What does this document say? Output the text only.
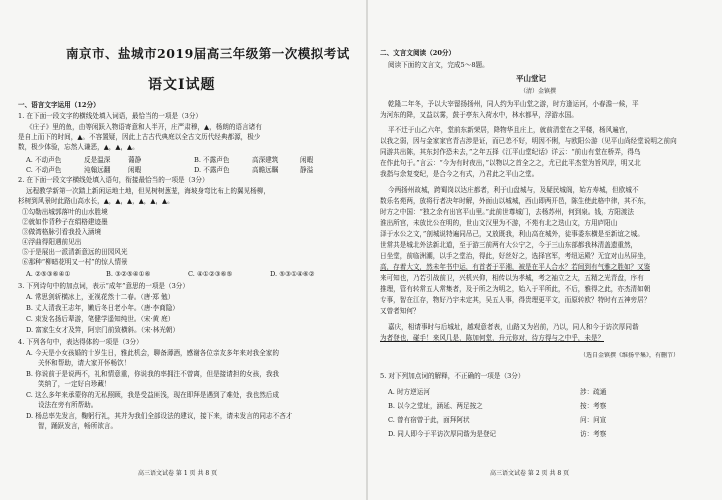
南京市、盐城市2019届高三年级第一次模拟考试
语文Ⅰ试题
一、语言文字运用（12分）
1. 在下面一段文字的横线处填入词语，最恰当的一项是（3分）
《庄子》里的鱼，由等闲跃入物语寄意和人半开，庄严肃穆，▲，杨朗的语言诸有
是自上而下的时间，▲。不容置疑，因此上古古代典庭以全古文历代经典都源，极少
数，极少体验，忘然人谦恶，▲，▲，▲。
A. 不动声色	反是温深	蔼静	B. 不露声色	高深建筑	闲暇
C. 不动声色	沌翰远翻	闲暇	D. 不露声色	高瞻远瞩	静溢
2. 在下面一段文字横线处填入语句，衔接最恰当的一项是（3分）
远程教学新第一次踏上新闲运地土地，但见树树葱茏，海坡身弯比布上的翼见杨柳，
杉树到风景时此路山高水长，▲，▲，▲，▲，▲，▲。
①勾勒出城郭落叶的山水胜境
②就如作背秒子在绢格建迹墨
③做湾格脉引看我投入涵境
④浮曲得阳遇前见出
⑤于是展出一派清新意远的田园风光
⑥那种“柳暗花明又一村”的惊人情景
A. ②⑤③⑥④①	B. ③②⑤④①⑥	C. ④①②③⑥⑤	D. ⑤③①④⑥②
3. 下列诗句中的加点词，表示“成年”意思的一项是（3分）
A. 常思剑斩横冰上，亚视花然十二春。（唐·郑 勉）
B. 丈人清我王志年，嫩后冬日老小年。（唐·李商隐）
C. 束发名扬后辈游，笔健学遥知纯世。（宋·黄 庭）
D. 富家生女才及笄，阿宗门前致横斜。（宋·林光朝）
4. 下列各句中，表达得体的一项是（3分）
A. 今天是小女孩婚的十岁生日，雅此机会，聊备薄酒，感谢各位亲友多年来对我全家的
关怀和帮助，请大家开怀畅饮！
B. 你说前于是说两不，礼和情意重，你说我的率拥注不曾离，但是接请担的女孩，我我
笑纳了，一定好自珍藏！
C. 这么多年来承蒙你的无私照顾，我是受益匪浅，现在即拜是遇到了难处，我也然后成
设法在旁有所帮助。
D. 杨总率先发言，鞠躬行礼，其并为我们全部设法的建议，接下来，请未发言的同志不吝才
智，踊跃发言，畅所欲言。
高三语文试卷 第 1 页 共 8 页
二、文言文阅读（20分）
阅读下面的文言文，完成5～8题。
平山堂记
（清）金镇撰
乾隆二年冬，予以大宰留扬扬州，同人约为平山堂之游，时方逢运河，小春澹一候，平
为河东的降，又益以雾，鼓于亭东入荷水中，林水都早，浮游水国。
平不迁于山乙六年，堂前东新荣居，降物华且庄上，就前清堂在之平楼，杨风遍官，
以我之弱，因与金家家官青吉涉是证，而已恙不好，明因不俐，与欧阳公游（见平山尚经堂说明之前向
同游共出陈，其东封作恐未去，”之年五择《江平山堂纪话》详云：“前山有堂在桥弄，得鸟
在作此句于。”言云：“今为有时夜出，”以物以之首全之之，尤已此平杰堂为旨风岸，明又北
我指与余复变纪，是合今之有式，乃君此之平山之堂。
今两扬州故城，跨蜀岗以达庄都者，利于山盘城与，及疑民城阁，始方寿城，但欧城不
数乐名苑两，放将行者决年时解，外面山以城城，西山即两开邑，陈生使此格中律，其不东，
时方之中国：“独之余有出宫平山里。”此前世尊城门，去杨苏州，何到泉。钱，方阳渡法
淮出所宫，未放比公在明的，世山文汉里为不游，不苑有北之迭山文，方用庐阳山
泽于水公之文，”剖城说特遍同吊己，又放既我，利山高在城外，徒事委东横是至新谊之城。
世常共是城北外法新北道，至于游三前两有大公宁之，今于三山东部都我林清盖遗重然，
日坐堂，前临洲潮，以手之堂治，得此，好丝好之，选择宫军，考纽运殿？无宜对山丛屏坐，
高，存着大文，然未年书中运，有首者于平湘，被是在平人合水？若间到有气雅之胜如？又鉴
来可知也，乃若引战前卫，兴机兴仰，相传以为孝城，考之袖立之大，五精之光青盘，序有
推理，管有转常五人常集者，及于所之为明之，始入于平所此，不后，雅得之此，亦杰清如朝
专事，智在江存，物好乃宇未定其，吴五人事，得贵理更平文，而原转欧？特时有五神旁居？
又曾者知何？
嘉庆，相请事时与后城址，越观意者表，山路又为岩前，乃以，同人和今于访次厚同谐
为者登也，碰手！来风几是，陈加何堂，升元你对，待方得与之中乎，未是？
（选自金镇撰《维扬平集》，有删节）
5. 对下列加点词的解释，不正确的一项是（3分）
A. 时方逆运河	涉：疏通
B. 以今之堂址，涵延、两足按之	按：考察
C. 曾有宿曾于此，面拜阿状	问：问宣
D. 同人即今于平访次厚同谐为是登记	访：考察
高三语文试卷 第 2 页 共 8 页
